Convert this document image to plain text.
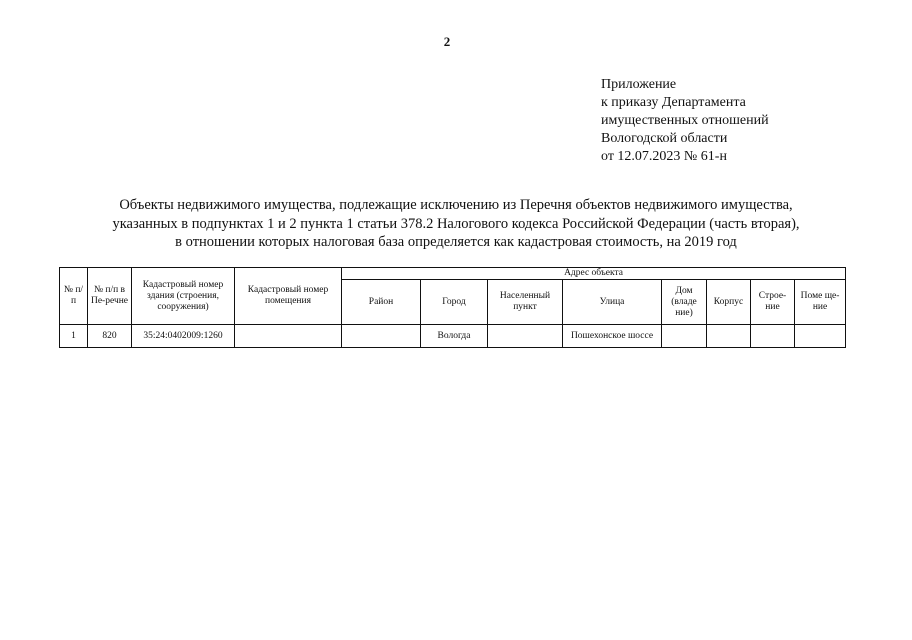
2
Приложение
к приказу Департамента
имущественных отношений
Вологодской области
от 12.07.2023 № 61-н
Объекты недвижимого имущества, подлежащие исключению из Перечня объектов недвижимого имущества,
указанных в подпунктах 1 и 2 пункта 1 статьи 378.2 Налогового кодекса Российской Федерации (часть вторая),
в отношении которых налоговая база определяется как кадастровая стоимость, на 2019 год
№ п/п	№ п/п в Пе-речне	Кадастровый номер здания (строения, сооружения)	Кадастровый номер помещения	Адрес объекта							
				Район	Город	Населенный пункт	Улица	Дом (владе ние)	Корпус	Строе-ние	Поме ще-ние
1	820	35:24:0402009:1260			Вологда		Пошехонское шоссе				
